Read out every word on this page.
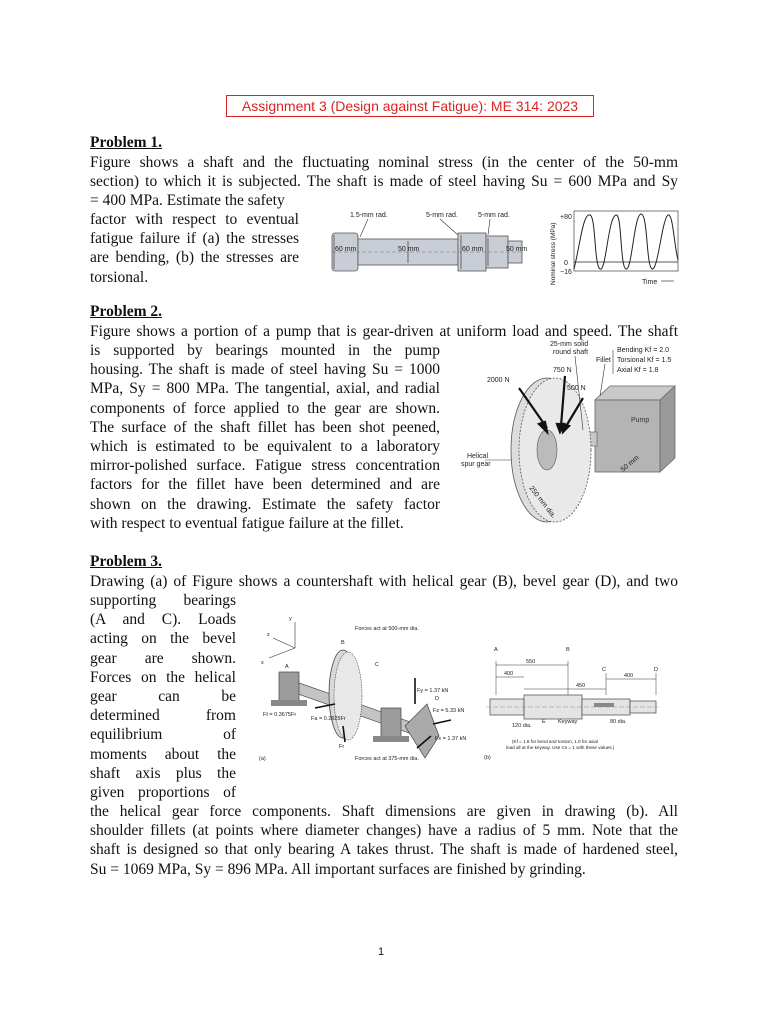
Assignment 3 (Design against Fatigue): ME 314: 2023
Problem 1.
Figure shows a shaft and the fluctuating nominal stress (in the center of the 50-mm
section) to which it is subjected. The shaft is made of steel having Su = 600 MPa and Sy
= 400 MPa. Estimate the safety
factor with respect to eventual
fatigue failure if (a) the stresses
are bending, (b) the stresses are
torsional.
1.5-mm rad.	5-mm rad.	5-mm rad.
60 mm	50 mm	60 mm	50 mm	Nominal stress (MPa)
+80
0
−16
Time
Problem 2.
Figure shows a portion of a pump that is gear-driven at uniform load and speed. The shaft
is supported by bearings mounted in the pump
housing. The shaft is made of steel having Su = 1000
MPa, Sy = 800 MPa. The tangential, axial, and radial
components of force applied to the gear are shown.
The surface of the shaft fillet has been shot peened,
which is estimated to be equivalent to a laboratory
mirror-polished surface. Fatigue stress concentration
factors for the fillet have been determined and are
shown on the drawing. Estimate the safety factor
with respect to eventual fatigue failure at the fillet.
Pump
25-mm solid
round shaft
Fillet
Bending Kf = 2.0
Torsional Kf = 1.5
Axial Kf = 1.8
750 N
2000 N
500 N
Helical
spur gear	50 mm
250 mm dia.
Problem 3.
Drawing (a) of Figure shows a countershaft with helical gear (B), bevel gear (D), and two
supporting bearings
(A and C). Loads
acting on the bevel
gear are shown.
Forces on the helical
gear can be
determined from
equilibrium of
moments about the
shaft axis plus the
given proportions of
the helical gear force components. Shaft dimensions are given in drawing (b). All
shoulder fillets (at points where diameter changes) have a radius of 5 mm. Note that the
shaft is designed so that only bearing A takes thrust. The shaft is made of hardened steel,
Su = 1069 MPa, Sy = 896 MPa. All important surfaces are finished by grinding.
y
x
z
A
B
C
D
Forces act at 500-mm dia.
Forces act at 375-mm dia.
Fy = 1.37 kN
Fz = 5.33 kN
Fx = 1.37 kN
Ft = 0.3675Fr
Fa = 0.2625Fr
Fr
(a)
A	B
C	D
550
400
450
400
120 dia.
E Keyway	80 dia.
(Kf = 1.6 for bend and torsion, 1.0 for axial
load all at the keyway. Use Cs = 1 with these values.)
(b)
1
